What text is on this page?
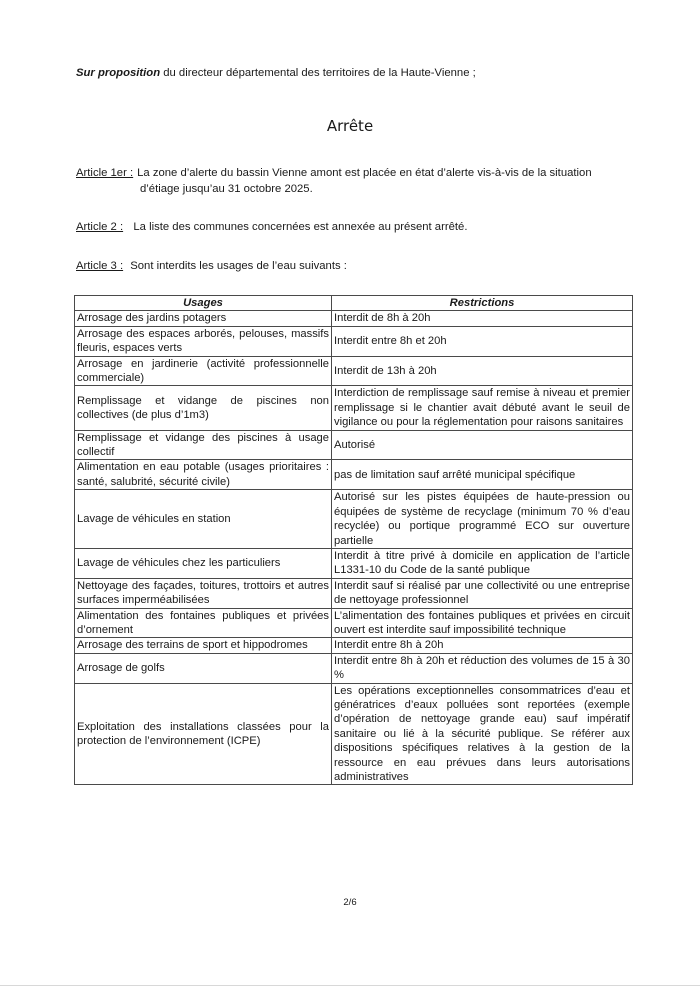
Sur proposition du directeur départemental des territoires de la Haute-Vienne ;
Arrête
Article 1er : La zone d’alerte du bassin Vienne amont est placée en état d’alerte vis-à-vis de la situation
d’étiage jusqu’au 31 octobre 2025.
Article 2 : La liste des communes concernées est annexée au présent arrêté.
Article 3 : Sont interdits les usages de l’eau suivants :
Usages	Restrictions
Arrosage des jardins potagers	Interdit de 8h à 20h
Arrosage des espaces arborés, pelouses, massifs fleuris, espaces verts	Interdit entre 8h et 20h
Arrosage en jardinerie (activité professionnelle commerciale)	Interdit de 13h à 20h
Remplissage et vidange de piscines non collectives (de plus d’1m3)	Interdiction de remplissage sauf remise à niveau et premier remplissage si le chantier avait débuté avant le seuil de vigilance ou pour la réglementation pour raisons sanitaires
Remplissage et vidange des piscines à usage collectif	Autorisé
Alimentation en eau potable (usages prioritaires : santé, salubrité, sécurité civile)	pas de limitation sauf arrêté municipal spécifique
Lavage de véhicules en station	Autorisé sur les pistes équipées de haute-pression ou équipées de système de recyclage (minimum 70 % d’eau recyclée) ou portique programmé ECO sur ouverture partielle
Lavage de véhicules chez les particuliers	Interdit à titre privé à domicile en application de l’article L1331-10 du Code de la santé publique
Nettoyage des façades, toitures, trottoirs et autres surfaces imperméabilisées	Interdit sauf si réalisé par une collectivité ou une entreprise de nettoyage professionnel
Alimentation des fontaines publiques et privées d’ornement	L’alimentation des fontaines publiques et privées en circuit ouvert est interdite sauf impossibilité technique
Arrosage des terrains de sport et hippodromes	Interdit entre 8h à 20h
Arrosage de golfs	Interdit entre 8h à 20h et réduction des volumes de 15 à 30 %
Exploitation des installations classées pour la protection de l’environnement (ICPE)	Les opérations exceptionnelles consommatrices d’eau et génératrices d’eaux polluées sont reportées (exemple d’opération de nettoyage grande eau) sauf impératif sanitaire ou lié à la sécurité publique. Se référer aux dispositions spécifiques relatives à la gestion de la ressource en eau prévues dans leurs autorisations administratives
2/6
